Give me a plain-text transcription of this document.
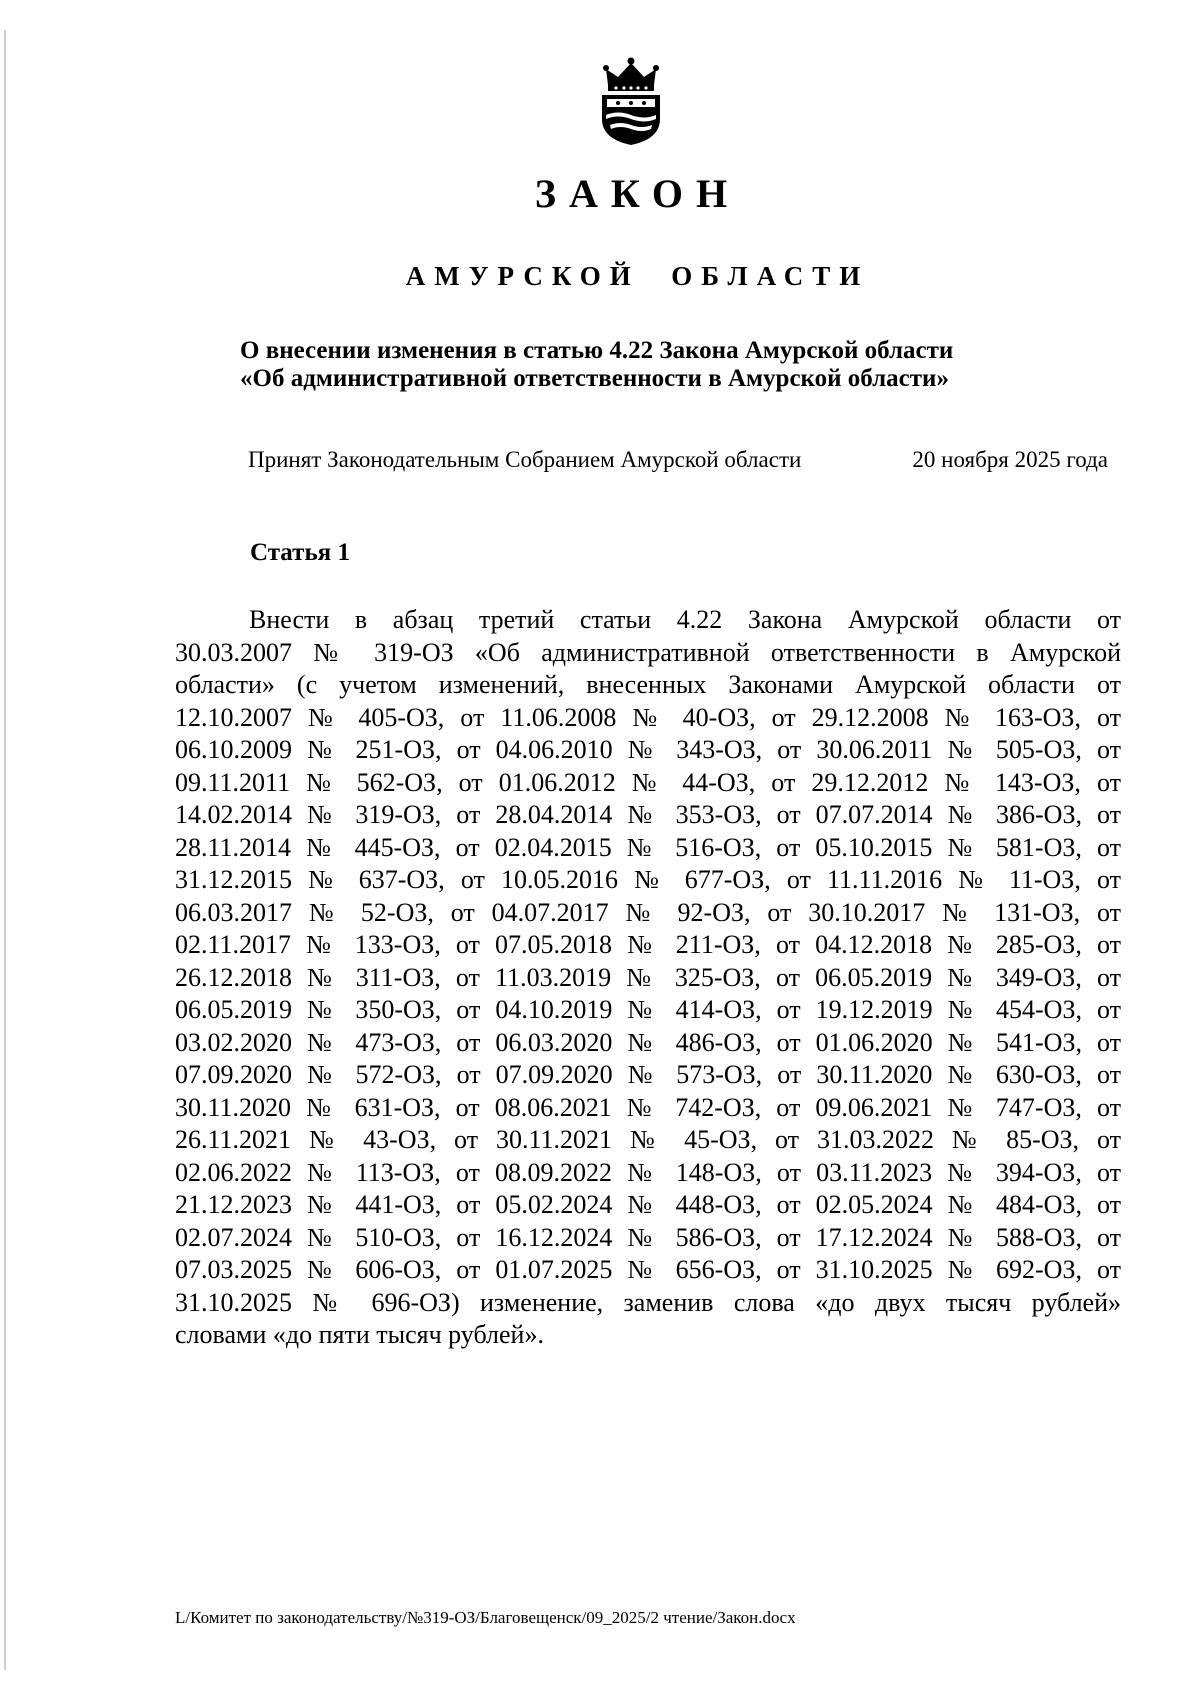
ЗАКОН
АМУРСКОЙ  ОБЛАСТИ
О внесении изменения в статью 4.22 Закона Амурской области
«Об административной ответственности в Амурской области»
Принят Законодательным Собранием Амурской области	20 ноября 2025 года
Статья 1
Внести в абзац третий статьи 4.22 Закона Амурской области от
30.03.2007 № 319-ОЗ «Об административной ответственности в Амурской
области» (с учетом изменений, внесенных Законами Амурской области от
12.10.2007 № 405-ОЗ, от 11.06.2008 № 40-ОЗ, от 29.12.2008 № 163-ОЗ, от
06.10.2009 № 251-ОЗ, от 04.06.2010 № 343-ОЗ, от 30.06.2011 № 505-ОЗ, от
09.11.2011 № 562-ОЗ, от 01.06.2012 № 44-ОЗ, от 29.12.2012 № 143-ОЗ, от
14.02.2014 № 319-ОЗ, от 28.04.2014 № 353-ОЗ, от 07.07.2014 № 386-ОЗ, от
28.11.2014 № 445-ОЗ, от 02.04.2015 № 516-ОЗ, от 05.10.2015 № 581-ОЗ, от
31.12.2015 № 637-ОЗ, от 10.05.2016 № 677-ОЗ, от 11.11.2016 № 11-ОЗ, от
06.03.2017 № 52-ОЗ, от 04.07.2017 № 92-ОЗ, от 30.10.2017 № 131-ОЗ, от
02.11.2017 № 133-ОЗ, от 07.05.2018 № 211-ОЗ, от 04.12.2018 № 285-ОЗ, от
26.12.2018 № 311-ОЗ, от 11.03.2019 № 325-ОЗ, от 06.05.2019 № 349-ОЗ, от
06.05.2019 № 350-ОЗ, от 04.10.2019 № 414-ОЗ, от 19.12.2019 № 454-ОЗ, от
03.02.2020 № 473-ОЗ, от 06.03.2020 № 486-ОЗ, от 01.06.2020 № 541-ОЗ, от
07.09.2020 № 572-ОЗ, от 07.09.2020 № 573-ОЗ, от 30.11.2020 № 630-ОЗ, от
30.11.2020 № 631-ОЗ, от 08.06.2021 № 742-ОЗ, от 09.06.2021 № 747-ОЗ, от
26.11.2021 № 43-ОЗ, от 30.11.2021 № 45-ОЗ, от 31.03.2022 № 85-ОЗ, от
02.06.2022 № 113-ОЗ, от 08.09.2022 № 148-ОЗ, от 03.11.2023 № 394-ОЗ, от
21.12.2023 № 441-ОЗ, от 05.02.2024 № 448-ОЗ, от 02.05.2024 № 484-ОЗ, от
02.07.2024 № 510-ОЗ, от 16.12.2024 № 586-ОЗ, от 17.12.2024 № 588-ОЗ, от
07.03.2025 № 606-ОЗ, от 01.07.2025 № 656-ОЗ, от 31.10.2025 № 692-ОЗ, от
31.10.2025 № 696-ОЗ) изменение, заменив слова «до двух тысяч рублей»
словами «до пяти тысяч рублей».
L/Комитет по законодательству/№319-ОЗ/Благовещенск/09_2025/2 чтение/Закон.docx
